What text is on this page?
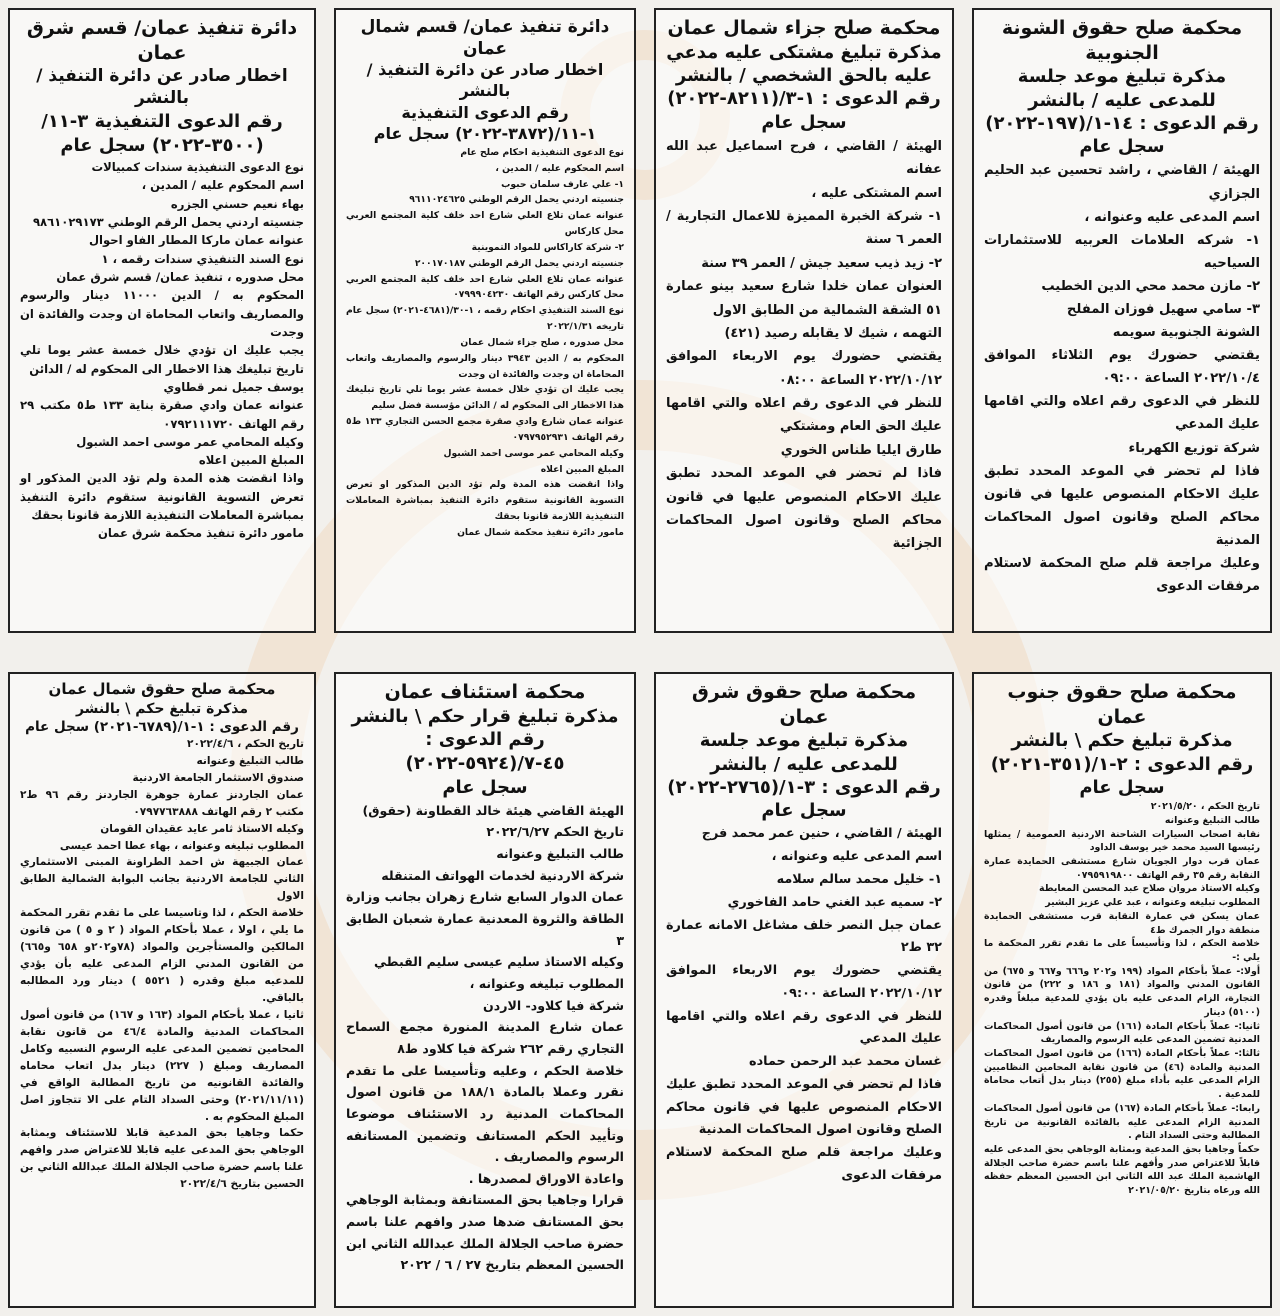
محكمة صلح حقوق الشونة الجنوبية
مذكرة تبليغ موعد جلسة للمدعى عليه / بالنشر
رقم الدعوى : ١٤-١/(١٩٧-٢٠٢٢)
سجل عام

الهيئة / القاضي ، راشد تحسين عبد الحليم الجزازي

اسم المدعى عليه وعنوانه ،

١- شركه العلامات العربيه للاستثمارات السياحيه

٢- مازن محمد محي الدين الخطيب

٣- سامي سهيل فوزان المفلح

الشونة الجنوبية سويمه

يقتضي حضورك يوم الثلاثاء الموافق ٢٠٢٢/١٠/٤ الساعة ٠٩:٠٠

للنظر في الدعوى رقم اعلاه والتي اقامها عليك المدعي

شركة توزيع الكهرباء

فاذا لم تحضر في الموعد المحدد تطبق عليك الاحكام المنصوص عليها في قانون محاكم الصلح وقانون اصول المحاكمات المدنية

وعليك مراجعة قلم صلح المحكمة لاستلام مرفقات الدعوى

محكمة صلح جزاء شمال عمان
مذكرة تبليغ مشتكى عليه مدعي عليه بالحق الشخصي / بالنشر
رقم الدعوى : ١-٣/(٨٢١١-٢٠٢٢)
سجل عام

الهيئة / القاضي ، فرح اسماعيل عبد الله عفانه

اسم المشتكى عليه ،

١- شركة الخبرة المميزة للاعمال التجارية / العمر ٦ سنة

٢- زيد ذيب سعيد جيش / العمر ٣٩ سنة

العنوان عمان خلدا شارع سعيد بينو عمارة ٥١ الشقة الشمالية من الطابق الاول

التهمه ، شيك لا يقابله رصيد (٤٢١)

يقتضي حضورك يوم الاربعاء الموافق ٢٠٢٢/١٠/١٢ الساعة ٠٨:٠٠

للنظر في الدعوى رقم اعلاه والتي اقامها عليك الحق العام ومشتكي

طارق ايليا طناس الخوري

فاذا لم تحضر في الموعد المحدد تطبق عليك الاحكام المنصوص عليها في قانون محاكم الصلح وقانون اصول المحاكمات الجزائية

دائرة تنفيذ عمان/ قسم شمال عمان
اخطار صادر عن دائرة التنفيذ / بالنشر
رقم الدعوى التنفيذية ١-١١/(٣٨٧٢-٢٠٢٢) سجل عام

نوع الدعوى التنفيذية احكام صلح عام

اسم المحكوم عليه / المدين ،

١- علي عارف سلمان حبوب

جنسيته اردني يحمل الرقم الوطني ٩٦١١٠٢٤٦٢٥

عنوانه عمان تلاع العلي شارع احد خلف كلية المجتمع العربي محل كاركاس

٢- شركة كاراكاس للمواد التموينية

جنسيته اردني يحمل الرقم الوطني ٢٠٠١٧٠١٨٧

عنوانه عمان تلاع العلي شارع احد خلف كلية المجتمع العربي محل كاركس رقم الهاتف ٠٧٩٩٩٠٤٢٣٠

نوع السند التنفيذي احكام رقمه ، ١-٣٠/(٤٦٨١-٢٠٢١) سجل عام تاريخه ٢٠٢٢/١/٣١

محل صدوره ، صلح جزاء شمال عمان

المحكوم به / الدين ٣٩٤٣ دينار والرسوم والمصاريف واتعاب المحاماة ان وجدت والفائدة ان وجدت

يجب عليك ان تؤدي خلال خمسة عشر يوما تلي تاريخ تبليغك هذا الاخطار الى المحكوم له / الدائن مؤسسة فضل سليم

عنوانه عمان شارع وادي صقرة مجمع الحسن التجاري ١٣٣ ط٥ رقم الهاتف ٠٧٩٧٩٥٢٩٣١

وكيله المحامي عمر موسى احمد الشبول

المبلغ المبين اعلاه

واذا انقضت هذه المدة ولم تؤد الدين المذكور او تعرض التسوية القانونية ستقوم دائرة التنفيذ بمباشرة المعاملات التنفيذية اللازمة قانونا بحقك

مامور دائرة تنفيذ محكمة شمال عمان

دائرة تنفيذ عمان/ قسم شرق عمان
اخطار صادر عن دائرة التنفيذ / بالنشر
رقم الدعوى التنفيذية ٣-١١/ (٣٥٠٠-٢٠٢٢) سجل عام

نوع الدعوى التنفيذية سندات كمبيالات

اسم المحكوم عليه / المدين ،

بهاء نعيم حسني الجزره

جنسيته اردني يحمل الرقم الوطني ٩٨٦١٠٢٩١٧٣

عنوانه عمان ماركا المطار الفاو احوال

نوع السند التنفيذي سندات رقمه ، ١

محل صدوره ، تنفيذ عمان/ قسم شرق عمان

المحكوم به / الدين ١١٠٠٠ دينار والرسوم والمصاريف واتعاب المحاماة ان وجدت والفائدة ان وجدت

يجب عليك ان تؤدي خلال خمسة عشر يوما تلي تاريخ تبليغك هذا الاخطار الى المحكوم له / الدائن

يوسف جميل نمر قطاوي

عنوانه عمان وادي صقرة بناية ١٣٣ ط٥ مكتب ٢٩ رقم الهاتف ٠٧٩٢١١١٧٢٠

وكيله المحامي عمر موسى احمد الشبول

المبلغ المبين اعلاه

واذا انقضت هذه المدة ولم تؤد الدين المذكور او تعرض التسوية القانونية ستقوم دائرة التنفيذ بمباشرة المعاملات التنفيذية اللازمة قانونا بحقك

مامور دائرة تنفيذ محكمة شرق عمان

محكمة صلح حقوق جنوب عمان
مذكرة تبليغ حكم \ بالنشر
رقم الدعوى : ٢-١/(٣٥١-٢٠٢١)
سجل عام

تاريخ الحكم ، ٢٠٢١/٥/٢٠

طالب التبليغ وعنوانه

نقابة اصحاب السيارات الشاحنة الاردنية العمومية / يمثلها رئيسها السيد محمد خير يوسف الداود

عمان قرب دوار الجويان شارع مستشفى الحمايدة عمارة النقابة رقم ٣٥ رقم الهاتف ٠٧٩٥٩١٩٨٠٠

وكيله الاستاذ مروان صلاح عبد المحسن المعايطة

المطلوب تبليغه وعنوانه ، عبد علي عزيز البشير

عمان يسكن في عمارة النقابة قرب مستشفى الحمايدة منطقة دوار الجمرك ط٤

خلاصة الحكم ، لذا وتأسيساً على ما تقدم تقرر المحكمة ما يلي :-

أولا:- عملاً بأحكام المواد (١٩٩ و٢٠٢ و٦٦٦ و٦٦٧ و ٦٧٥) من القانون المدني والمواد (١٨١ و ١٨٦ و ٢٢٢) من قانون التجارة، الزام المدعى عليه بان يؤدي للمدعية مبلغاً وقدره (٥١٠٠) دينار

ثانيا:- عملاً بأحكام المادة (١٦١) من قانون أصول المحاكمات المدنية تضمين المدعى عليه الرسوم والمصاريف

ثالثا:- عملاً بأحكام المادة (١٦٦) من قانون اصول المحاكمات المدنية والمادة (٤٦) من قانون نقابة المحامين النظاميين الزام المدعى عليه بأداء مبلغ (٢٥٥) دينار بدل أتعاب محاماة للمدعية .

رابعا:- عملاً بأحكام المادة (١٦٧) من قانون أصول المحاكمات المدنية الزام المدعى عليه بالفائدة القانونية من تاريخ المطالبة وحتى السداد التام .

حكماً وجاهيا بحق المدعية وبمثابة الوجاهي بحق المدعى عليه قابلاً للاعتراض صدر وأفهم علنا باسم حضرة صاحب الجلالة الهاشمية الملك عبد الله الثاني ابن الحسين المعظم حفظه الله ورعاه بتاريخ ٢٠٢١/٠٥/٢٠

محكمة صلح حقوق شرق عمان
مذكرة تبليغ موعد جلسة للمدعى عليه / بالنشر
رقم الدعوى : ٣-١/(٢٧٦٥-٢٠٢٢)
سجل عام

الهيئة / القاضي ، حنين عمر محمد فرج

اسم المدعى عليه وعنوانه ،

١- خليل محمد سالم سلامه

٢- سميه عبد الغني حامد الفاخوري

عمان جبل النصر خلف مشاغل الامانه عمارة ٣٢ ط٢

يقتضي حضورك يوم الاربعاء الموافق ٢٠٢٢/١٠/١٢ الساعة ٠٩:٠٠

للنظر في الدعوى رقم اعلاه والتي اقامها عليك المدعي

غسان محمد عبد الرحمن حماده

فاذا لم تحضر في الموعد المحدد تطبق عليك الاحكام المنصوص عليها في قانون محاكم الصلح وقانون اصول المحاكمات المدنية

وعليك مراجعة قلم صلح المحكمة لاستلام مرفقات الدعوى

محكمة استئناف عمان
مذكرة تبليغ قرار حكم \ بالنشر
رقم الدعوى : ٤٥-٧/(٥٩٢٤-٢٠٢٢)
سجل عام

الهيئة القاضي هيئة خالد القطاونة (حقوق)

تاريخ الحكم ٢٠٢٢/٦/٢٧

طالب التبليغ وعنوانه

شركة الاردنية لخدمات الهواتف المتنقله

عمان الدوار السابع شارع زهران بجانب وزارة الطاقة والثروة المعدنية عمارة شعبان الطابق ٣

وكيله الاستاذ سليم عيسى سليم القبطي

المطلوب تبليغه وعنوانه ،

شركة فيا كلاود- الاردن

عمان شارع المدينة المنورة مجمع السماح التجاري رقم ٢٦٢ شركة فيا كلاود ط٨

خلاصة الحكم ، وعليه وتأسيسا على ما تقدم نقرر وعملا بالمادة ١٨٨/١ من قانون اصول المحاكمات المدنية رد الاستئناف موضوعا وتأييد الحكم المستانف وتضمين المستانفه الرسوم والمصاريف .

واعادة الاوراق لمصدرها .

قرارا وجاهيا بحق المستانفة وبمثابة الوجاهي بحق المستانف ضدها صدر وافهم علنا باسم حضرة صاحب الجلالة الملك عبدالله الثاني ابن الحسين المعظم بتاريخ ٢٧ / ٦ / ٢٠٢٢

محكمة صلح حقوق شمال عمان
مذكرة تبليغ حكم \ بالنشر
رقم الدعوى : ١-١/(٦٧٨٩-٢٠٢١) سجل عام

تاريخ الحكم ، ٢٠٢٢/٤/٦

طالب التبليغ وعنوانه

صندوق الاستثمار الجامعة الاردنية

عمان الجاردنز عمارة جوهرة الجاردنز رقم ٩٦ ط٢ مكتب ٢ رقم الهاتف ٠٧٩٧٧٦٣٨٨٨

وكيله الاستاذ ثامر عايد عقيدان القومان

المطلوب تبليغه وعنوانه ، بهاء عطا احمد عيسى

عمان الجبيهة ش احمد الطراونة المبنى الاستثماري الثاني للجامعة الاردنية بجانب البوابة الشمالية الطابق الاول

خلاصة الحكم ، لذا وتاسيسا على ما تقدم تقرر المحكمة ما يلي ، اولا ، عملا بأحكام المواد ( ٢ و ٥ ) من قانون المالكين والمستأجرين والمواد (٧٨و٢٠٢و ٦٥٨ و٦٦٥) من القانون المدني الزام المدعى عليه بأن يؤدي للمدعيه مبلغ وقدره ( ٥٥٢١ ) دينار ورد المطالبه بالباقي.

ثانيا ، عملا بأحكام المواد (١٦٣ و ١٦٧) من قانون أصول المحاكمات المدنية والمادة ٤٦/٤ من قانون نقابة المحامين تضمين المدعى عليه الرسوم النسبيه وكامل المصاريف ومبلغ ( ٢٢٧) دينار بدل اتعاب محاماه والفائدة القانونيه من تاريخ المطالبة الواقع في (٢٠٢١/١١/١١) وحتى السداد التام على الا تتجاوز اصل المبلغ المحكوم به .

حكما وجاهيا بحق المدعية قابلا للاستئناف وبمثابة الوجاهي بحق المدعى عليه قابلا للاعتراض صدر وافهم علنا باسم حضرة صاحب الجلالة الملك عبدالله الثاني بن الحسين بتاريخ ٢٠٢٢/٤/٦
